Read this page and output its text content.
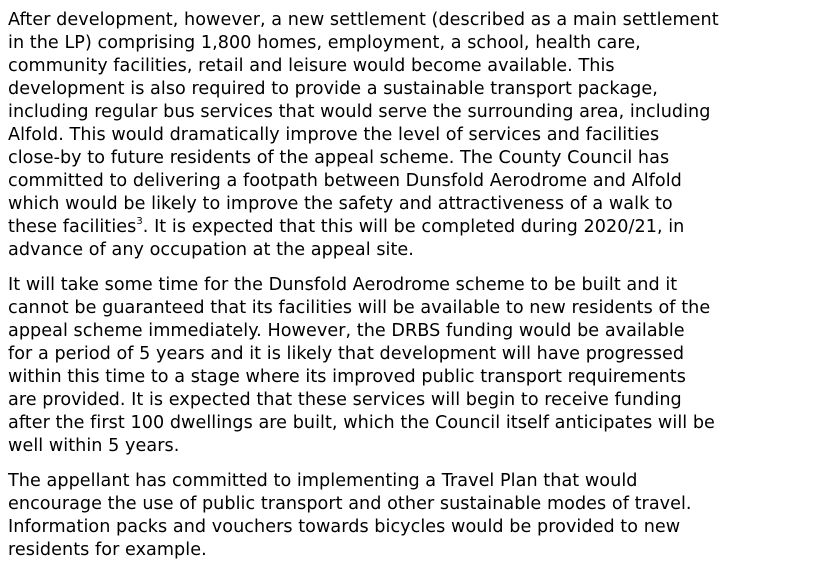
After development, however, a new settlement (described as a main settlement
in the LP) comprising 1,800 homes, employment, a school, health care,
community facilities, retail and leisure would become available. This
development is also required to provide a sustainable transport package,
including regular bus services that would serve the surrounding area, including
Alfold. This would dramatically improve the level of services and facilities
close-by to future residents of the appeal scheme. The County Council has
committed to delivering a footpath between Dunsfold Aerodrome and Alfold
which would be likely to improve the safety and attractiveness of a walk to
these facilities$^3$. It is expected that this will be completed during 2020/21, in
advance of any occupation at the appeal site.
It will take some time for the Dunsfold Aerodrome scheme to be built and it
cannot be guaranteed that its facilities will be available to new residents of the
appeal scheme immediately. However, the DRBS funding would be available
for a period of 5 years and it is likely that development will have progressed
within this time to a stage where its improved public transport requirements
are provided. It is expected that these services will begin to receive funding
after the first 100 dwellings are built, which the Council itself anticipates will be
well within 5 years.
The appellant has committed to implementing a Travel Plan that would
encourage the use of public transport and other sustainable modes of travel.
Information packs and vouchers towards bicycles would be provided to new
residents for example.
